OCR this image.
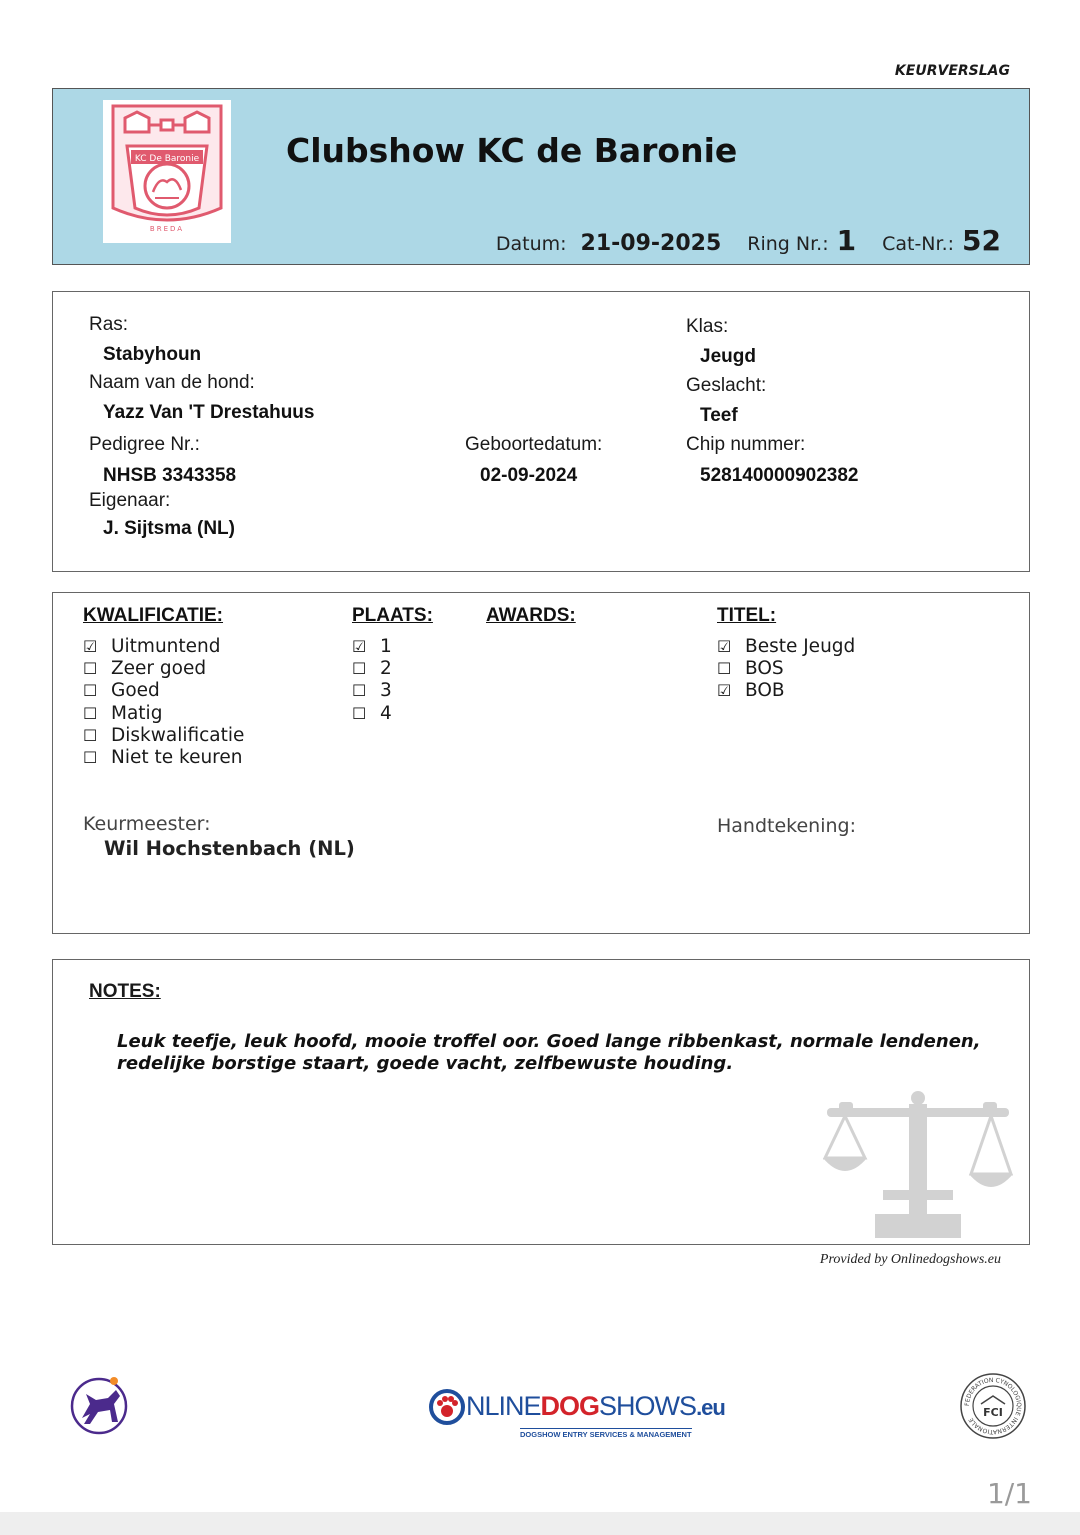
KEURVERSLAG
KC De Baronie
BREDA
Clubshow KC de Baronie
Datum: 21-09-2025 Ring Nr.: 1 Cat-Nr.: 52
Ras:
Stabyhoun
Naam van de hond:
Yazz Van 'T Drestahuus
Pedigree Nr.:
NHSB 3343358
Eigenaar:
J. Sijtsma (NL)
Geboortedatum:
02-09-2024
Klas:
Jeugd
Geslacht:
Teef
Chip nummer:
528140000902382
KWALIFICATIE:
☑ Uitmuntend
☐ Zeer goed
☐ Goed
☐ Matig
☐ Diskwalificatie
☐ Niet te keuren
PLAATS:
☑ 1
☐ 2
☐ 3
☐ 4
AWARDS:	TITEL:
☑ Beste Jeugd
☐ BOS
☑ BOB
Keurmeester:
Wil Hochstenbach (NL)
Handtekening:
NOTES:
Leuk teefje, leuk hoofd, mooie troffel oor. Goed lange ribbenkast, normale lendenen,
redelijke borstige staart, goede vacht, zelfbewuste houding.
Provided by Onlinedogshows.eu
NLINEDOGSHOWS.eu
DOGSHOW ENTRY SERVICES & MANAGEMENT
FEDERATION CYNOLOGIQUE INTERNATIONALE
FCI
1/1
